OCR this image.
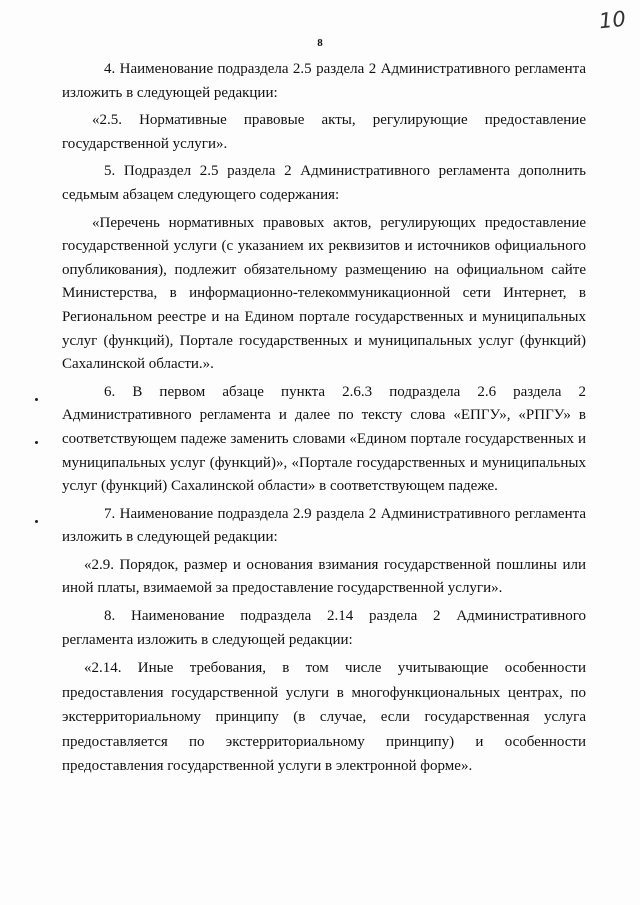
10
8

4. Наименование подраздела 2.5 раздела 2 Административного регламента изложить в следующей редакции:

«2.5. Нормативные правовые акты, регулирующие предоставление государственной услуги».

5. Подраздел 2.5 раздела 2 Административного регламента дополнить седьмым абзацем следующего содержания:

«Перечень нормативных правовых актов, регулирующих предоставление государственной услуги (с указанием их реквизитов и источников официального опубликования), подлежит обязательному размещению на официальном сайте Министерства, в информационно-телекоммуникационной сети Интернет, в Региональном реестре и на Едином портале государственных и муниципальных услуг (функций), Портале государственных и муниципальных услуг (функций) Сахалинской области.».

6. В первом абзаце пункта 2.6.3 подраздела 2.6 раздела 2 Административного регламента и далее по тексту слова «ЕПГУ», «РПГУ» в соответствующем падеже заменить словами «Едином портале государственных и муниципальных услуг (функций)», «Портале государственных и муниципальных услуг (функций) Сахалинской области» в соответствующем падеже.

7. Наименование подраздела 2.9 раздела 2 Административного регламента изложить в следующей редакции:

«2.9. Порядок, размер и основания взимания государственной пошлины или иной платы, взимаемой за предоставление государственной услуги».

8. Наименование подраздела 2.14 раздела 2 Административного регламента изложить в следующей редакции:

«2.14. Иные требования, в том числе учитывающие особенности предоставления государственной услуги в многофункциональных центрах, по экстерриториальному принципу (в случае, если государственная услуга предоставляется по экстерриториальному принципу) и особенности предоставления государственной услуги в электронной форме».
